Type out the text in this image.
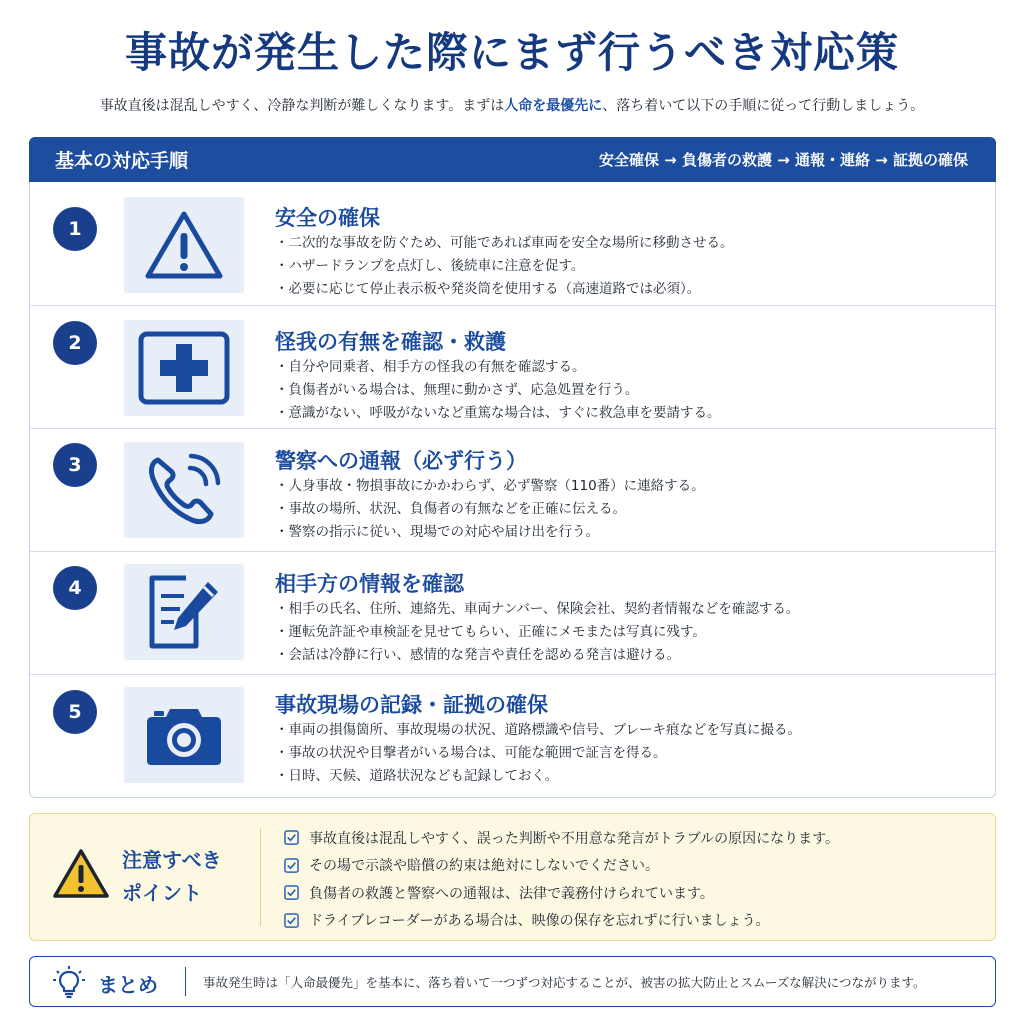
事故が発生した際にまず行うべき対応策
事故直後は混乱しやすく、冷静な判断が難しくなります。まずは人命を最優先に、落ち着いて以下の手順に従って行動しましょう。
基本の対応手順	安全確保 → 負傷者の救護 → 通報・連絡 → 証拠の確保
1	安全の確保
・ 二次的な事故を防ぐため、可能であれば車両を安全な場所に移動させる。
・ ハザードランプを点灯し、後続車に注意を促す。
・ 必要に応じて停止表示板や発炎筒を使用する（高速道路では必須）。
2	怪我の有無を確認・救護
・ 自分や同乗者、相手方の怪我の有無を確認する。
・ 負傷者がいる場合は、無理に動かさず、応急処置を行う。
・ 意識がない、呼吸がないなど重篤な場合は、すぐに救急車を要請する。
3	警察への通報（必ず行う）
・ 人身事故・物損事故にかかわらず、必ず警察（110番）に連絡する。
・ 事故の場所、状況、負傷者の有無などを正確に伝える。
・ 警察の指示に従い、現場での対応や届け出を行う。
4	相手方の情報を確認
・ 相手の氏名、住所、連絡先、車両ナンバー、保険会社、契約者情報などを確認する。
・ 運転免許証や車検証を見せてもらい、正確にメモまたは写真に残す。
・ 会話は冷静に行い、感情的な発言や責任を認める発言は避ける。
5	事故現場の記録・証拠の確保
・ 車両の損傷箇所、事故現場の状況、道路標識や信号、ブレーキ痕などを写真に撮る。
・ 事故の状況や目撃者がいる場合は、可能な範囲で証言を得る。
・ 日時、天候、道路状況なども記録しておく。
注意すべき
ポイント
事故直後は混乱しやすく、誤った判断や不用意な発言がトラブルの原因になります。
その場で示談や賠償の約束は絶対にしないでください。
負傷者の救護と警察への通報は、法律で義務付けられています。
ドライブレコーダーがある場合は、映像の保存を忘れずに行いましょう。
まとめ	事故発生時は「人命最優先」を基本に、落ち着いて一つずつ対応することが、被害の拡大防止とスムーズな解決につながります。
